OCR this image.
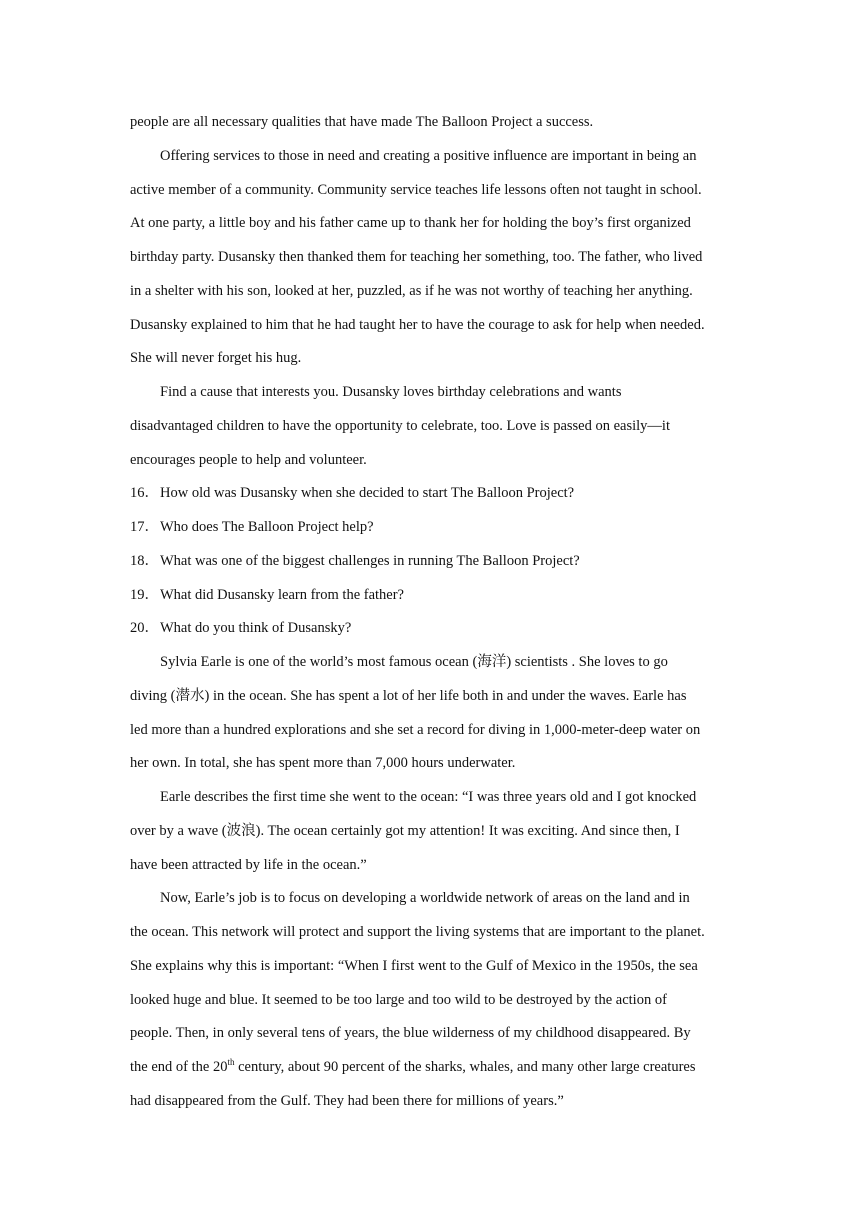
people are all necessary qualities that have made The Balloon Project a success.
Offering services to those in need and creating a positive influence are important in being an
active member of a community. Community service teaches life lessons often not taught in school.
At one party, a little boy and his father came up to thank her for holding the boy’s first organized
birthday party. Dusansky then thanked them for teaching her something, too. The father, who lived
in a shelter with his son, looked at her, puzzled, as if he was not worthy of teaching her anything.
Dusansky explained to him that he had taught her to have the courage to ask for help when needed.
She will never forget his hug.
Find a cause that interests you. Dusansky loves birthday celebrations and wants
disadvantaged children to have the opportunity to celebrate, too. Love is passed on easily—it
encourages people to help and volunteer.
16．How old was Dusansky when she decided to start The Balloon Project?
17．Who does The Balloon Project help?
18．What was one of the biggest challenges in running The Balloon Project?
19．What did Dusansky learn from the father?
20．What do you think of Dusansky?
Sylvia Earle is one of the world’s most famous ocean (海洋) scientists . She loves to go
diving (潜水) in the ocean. She has spent a lot of her life both in and under the waves. Earle has
led more than a hundred explorations and she set a record for diving in 1,000-meter-deep water on
her own. In total, she has spent more than 7,000 hours underwater.
Earle describes the first time she went to the ocean: “I was three years old and I got knocked
over by a wave (波浪). The ocean certainly got my attention! It was exciting. And since then, I
have been attracted by life in the ocean.”
Now, Earle’s job is to focus on developing a worldwide network of areas on the land and in
the ocean. This network will protect and support the living systems that are important to the planet.
She explains why this is important: “When I first went to the Gulf of Mexico in the 1950s, the sea
looked huge and blue. It seemed to be too large and too wild to be destroyed by the action of
people. Then, in only several tens of years, the blue wilderness of my childhood disappeared. By
the end of the 20th century, about 90 percent of the sharks, whales, and many other large creatures
had disappeared from the Gulf. They had been there for millions of years.”
